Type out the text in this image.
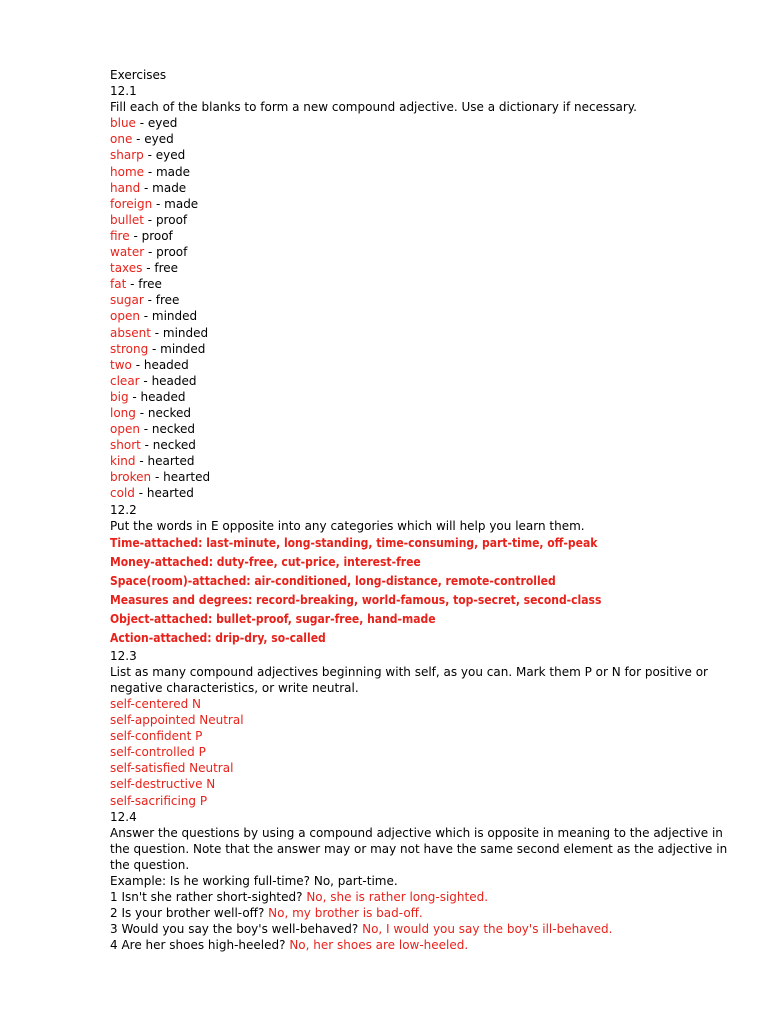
Exercises
12.1
Fill each of the blanks to form a new compound adjective. Use a dictionary if necessary.
blue - eyed
one - eyed
sharp - eyed
home - made
hand - made
foreign - made
bullet - proof
fire - proof
water - proof
taxes - free
fat - free
sugar - free
open - minded
absent - minded
strong - minded
two - headed
clear - headed
big - headed
long - necked
open - necked
short - necked
kind - hearted
broken - hearted
cold - hearted
12.2
Put the words in E opposite into any categories which will help you learn them.
Time-attached: last-minute, long-standing, time-consuming, part-time, off-peak
Money-attached: duty-free, cut-price, interest-free
Space(room)-attached: air-conditioned, long-distance, remote-controlled
Measures and degrees: record-breaking, world-famous, top-secret, second-class
Object-attached: bullet-proof, sugar-free, hand-made
Action-attached: drip-dry, so-called
12.3
List as many compound adjectives beginning with self, as you can. Mark them P or N for positive or negative characteristics, or write neutral.
self-centered N
self-appointed Neutral
self-confident P
self-controlled P
self-satisfied Neutral
self-destructive N
self-sacrificing P
12.4
Answer the questions by using a compound adjective which is opposite in meaning to the adjective in the question. Note that the answer may or may not have the same second element as the adjective in the question.
Example: Is he working full-time? No, part-time.
1 Isn't she rather short-sighted? No, she is rather long-sighted.
2 Is your brother well-off? No, my brother is bad-off.
3 Would you say the boy's well-behaved? No, I would you say the boy's ill-behaved.
4 Are her shoes high-heeled? No, her shoes are low-heeled.
